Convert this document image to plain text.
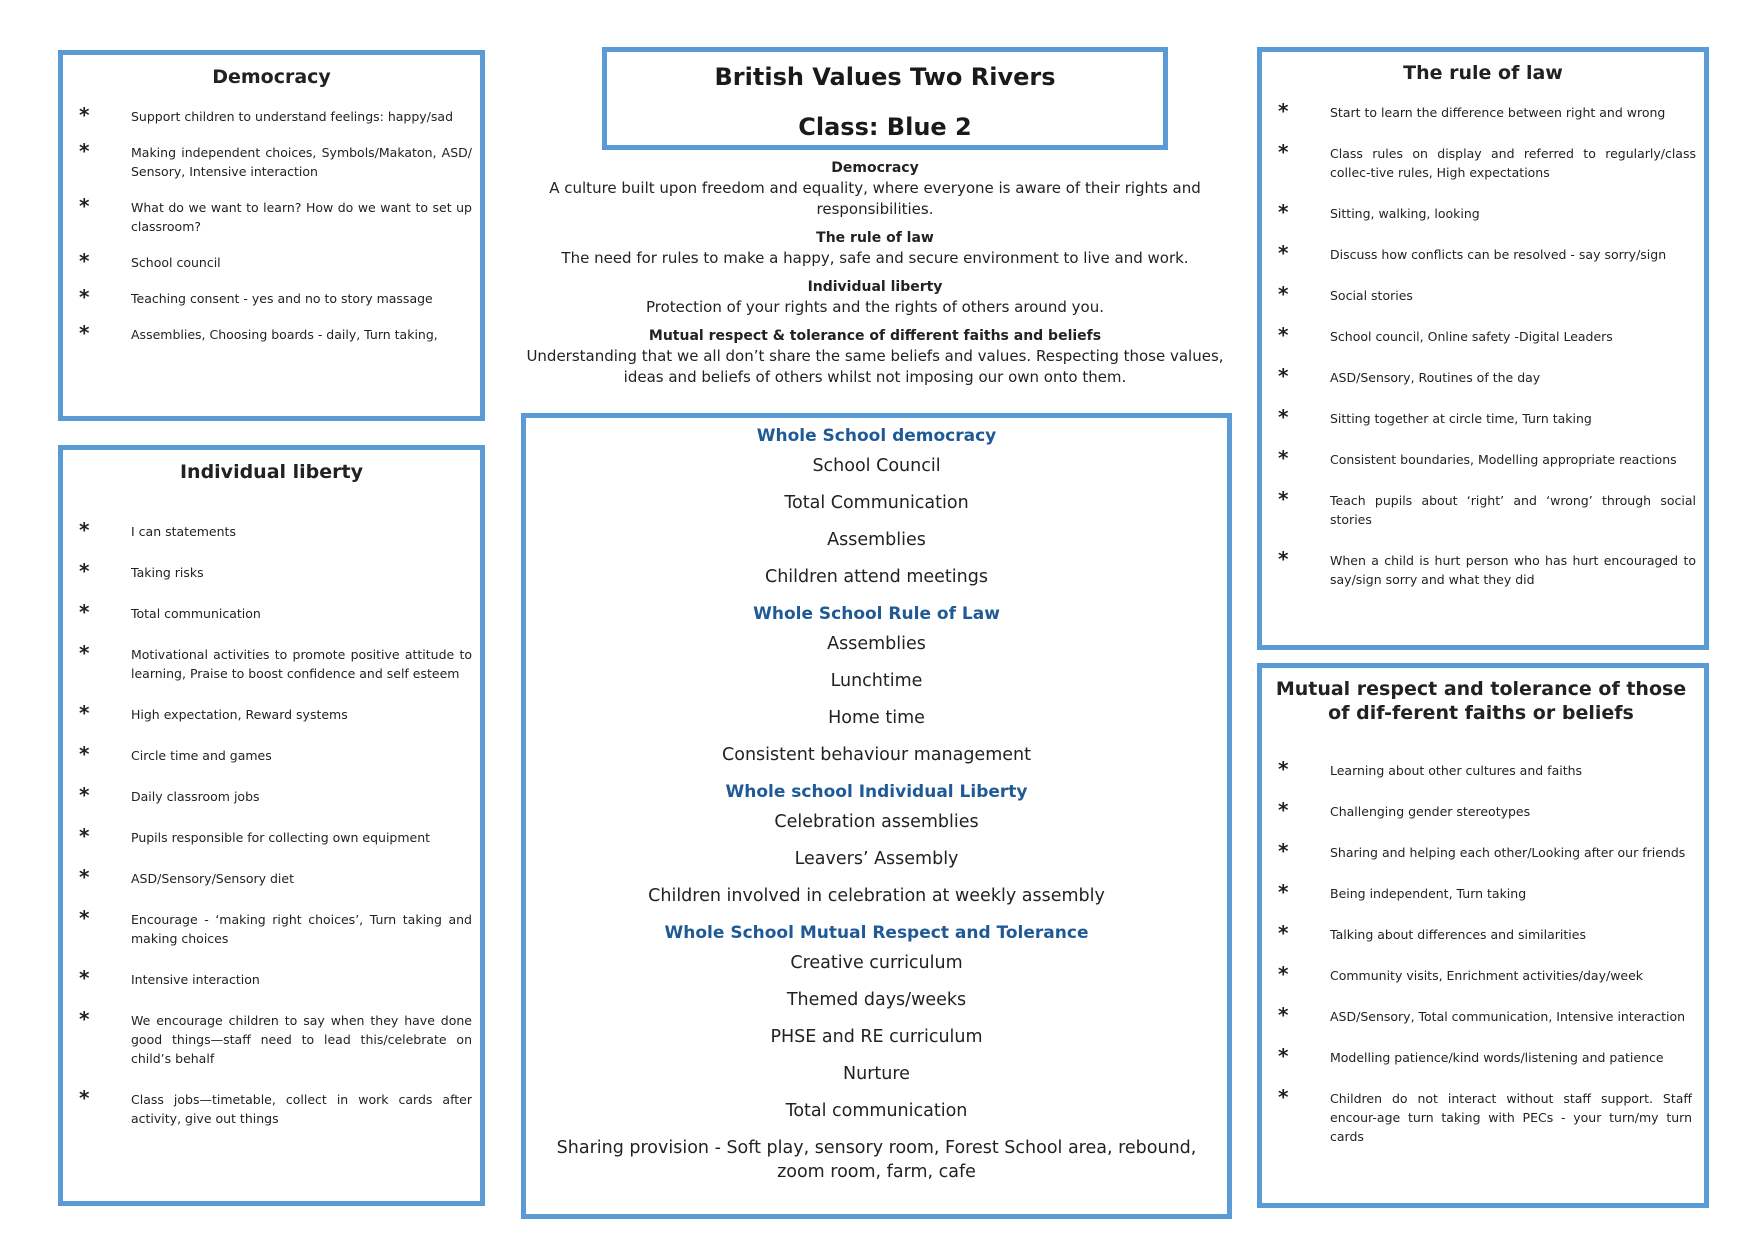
Democracy
*	Support children to understand feelings: happy/sad
*	Making independent choices, Symbols/Makaton, ASD/ Sensory, Intensive interaction
*	What do we want to learn? How do we want to set up classroom?
*	School council
*	Teaching consent - yes and no to story massage
*	Assemblies, Choosing boards - daily, Turn taking,
Individual liberty
*	I can statements
*	Taking risks
*	Total communication
*	Motivational activities to promote positive attitude to learning, Praise to boost confidence and self esteem
*	High expectation, Reward systems
*	Circle time and games
*	Daily classroom jobs
*	Pupils responsible for collecting own equipment
*	ASD/Sensory/Sensory diet
*	Encourage - ‘making right choices’, Turn taking and making choices
*	Intensive interaction
*	We encourage children to say when they have done good things—staff need to lead this/celebrate on child’s behalf
*	Class jobs—timetable, collect in work cards after activity, give out things
British Values Two Rivers
Class: Blue 2
Democracy
A culture built upon freedom and equality, where everyone is aware of their rights and responsibilities.
The rule of law
The need for rules to make a happy, safe and secure environment to live and work.
Individual liberty
Protection of your rights and the rights of others around you.
Mutual respect & tolerance of different faiths and beliefs
Understanding that we all don’t share the same beliefs and values. Respecting those values, ideas and beliefs of others whilst not imposing our own onto them.
Whole School democracy
School Council
Total Communication
Assemblies
Children attend meetings
Whole School Rule of Law
Assemblies
Lunchtime
Home time
Consistent behaviour management
Whole school Individual Liberty
Celebration assemblies
Leavers’ Assembly
Children involved in celebration at weekly assembly
Whole School Mutual Respect and Tolerance
Creative curriculum
Themed days/weeks
PHSE and RE curriculum
Nurture
Total communication
Sharing provision - Soft play, sensory room, Forest School area, rebound, zoom room, farm, cafe
The rule of law
*	Start to learn the difference between right and wrong
*	Class rules on display and referred to regularly/class collec-tive rules, High expectations
*	Sitting, walking, looking
*	Discuss how conflicts can be resolved - say sorry/sign
*	Social stories
*	School council, Online safety -Digital Leaders
*	ASD/Sensory, Routines of the day
*	Sitting together at circle time, Turn taking
*	Consistent boundaries, Modelling appropriate reactions
*	Teach pupils about ‘right’ and ‘wrong’ through social stories
*	When a child is hurt person who has hurt encouraged to say/sign sorry and what they did
Mutual respect and tolerance of those of dif-ferent faiths or beliefs
*	Learning about other cultures and faiths
*	Challenging gender stereotypes
*	Sharing and helping each other/Looking after our friends
*	Being independent, Turn taking
*	Talking about differences and similarities
*	Community visits, Enrichment activities/day/week
*	ASD/Sensory, Total communication, Intensive interaction
*	Modelling patience/kind words/listening and patience
*	Children do not interact without staff support. Staff encour-age turn taking with PECs - your turn/my turn cards
